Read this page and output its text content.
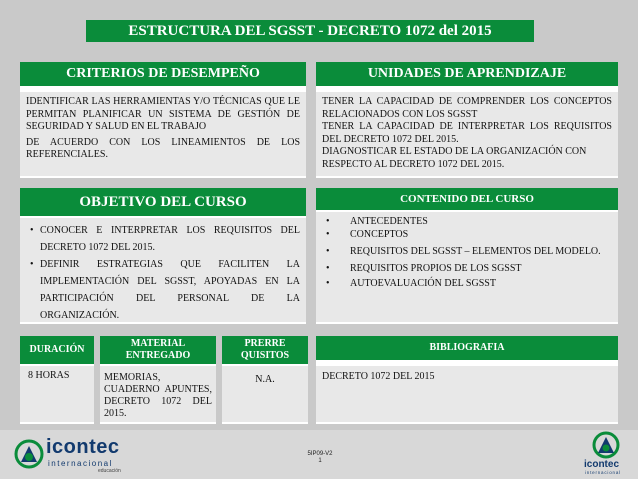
ESTRUCTURA DEL SGSST - DECRETO 1072 del 2015
CRITERIOS DE DESEMPEÑO

IDENTIFICAR LAS HERRAMIENTAS Y/O TÉCNICAS QUE LE PERMITAN PLANIFICAR UN SISTEMA DE GESTIÓN DE SEGURIDAD Y SALUD EN EL TRABAJO

DE ACUERDO CON LOS LINEAMIENTOS DE LOS REFERENCIALES.

UNIDADES DE APRENDIZAJE

TENER LA CAPACIDAD DE COMPRENDER LOS CONCEPTOS RELACIONADOS CON LOS SGSST

TENER LA CAPACIDAD DE INTERPRETAR LOS REQUISITOS DEL DECRETO 1072 DEL 2015.

DIAGNOSTICAR EL ESTADO DE LA ORGANIZACIÓN CON RESPECTO AL DECRETO 1072 DEL 2015.

OBJETIVO DEL CURSO
• CONOCER E INTERPRETAR LOS REQUISITOS DEL DECRETO 1072 DEL 2015.
• DEFINIR ESTRATEGIAS QUE FACILITEN LA IMPLEMENTACIÓN DEL SGSST, APOYADAS EN LA PARTICIPACIÓN DEL PERSONAL DE LA ORGANIZACIÓN.
CONTENIDO DEL CURSO
• ANTECEDENTES
• CONCEPTOS
• REQUISITOS DEL SGSST – ELEMENTOS DEL MODELO.
• REQUISITOS PROPIOS DE LOS SGSST
• AUTOEVALUACIÓN DEL SGSST
DURACIÓN
8 HORAS
MATERIAL ENTREGADO
MEMORIAS, CUADERNO APUNTES, DECRETO 1072 DEL 2015.
PRERRE QUISITOS
N.A.
BIBLIOGRAFIA
DECRETO 1072 DEL 2015
icontec
internacional
educación
5IP09-V2
1	icontec
internacional
